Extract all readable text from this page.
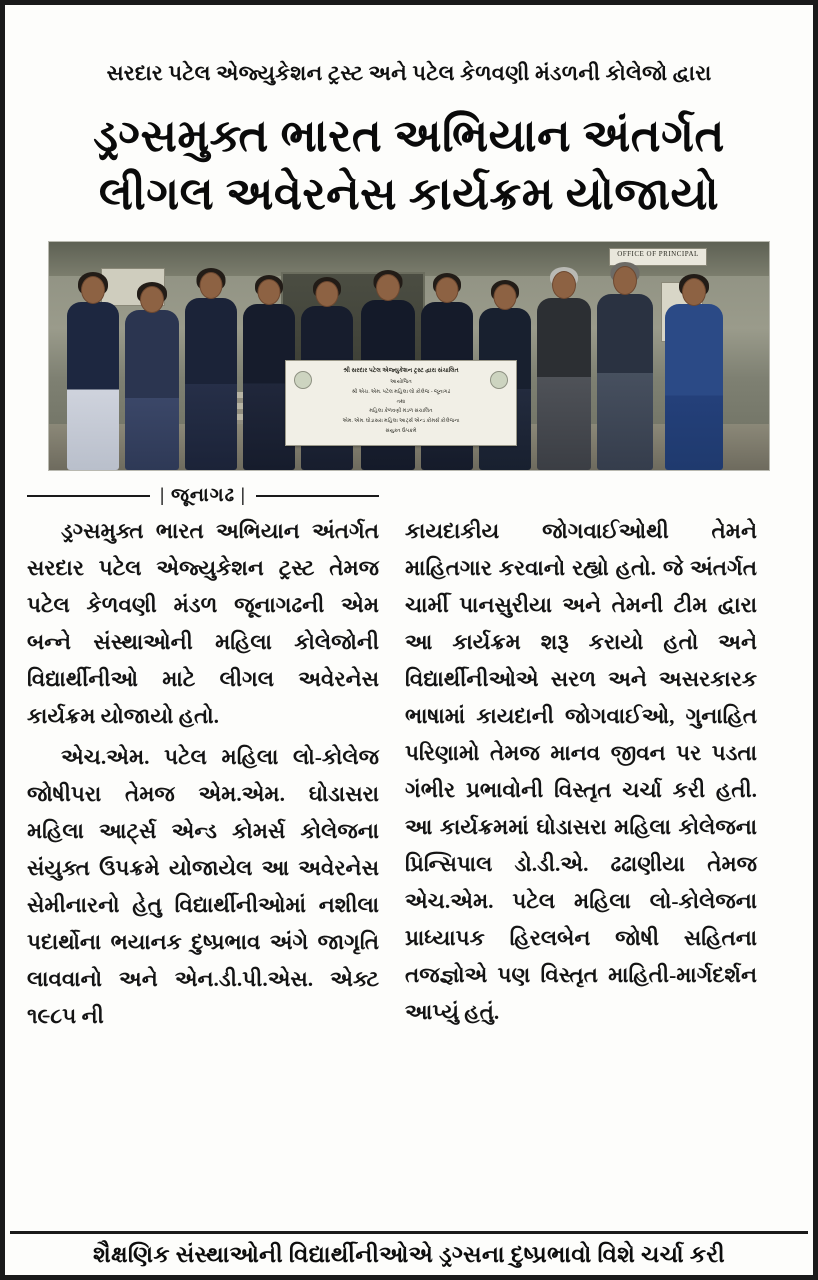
સરદાર પટેલ એજ્યુકેશન ટ્રસ્ટ અને પટેલ કેળવણી મંડળની કોલેજો દ્વારા
ડ્રગ્સમુક્ત ભારત અભિયાન અંતર્ગત
લીગલ અવેરનેસ કાર્યક્રમ યોજાયો
OFFICE OF PRINCIPAL
શ્રી સરદાર પટેલ એજ્યુકેશન ટ્રસ્ટ દ્વારા સંચાલિત
આયોજિત
શ્રી એચ. એમ. પટેલ મહિલા લો કોલેજ - જૂનાગઢ
તથા
મહિલા કેળવણી મંડળ સંચાલિત
એમ. એમ. ઘોડાસરા મહિલા આર્ટ્સ એન્ડ કોમર્સ કોલેજના
સંયુક્ત ઉપક્રમે
| જૂનાગઢ |

ડ્રગ્સમુક્ત ભારત અભિયાન અંતર્ગત સરદાર પટેલ એજ્યુકેશન ટ્રસ્ટ તેમજ પટેલ કેળવણી મંડળ જૂનાગઢની એમ બન્ને સંસ્થાઓની મહિલા કોલેજોની વિદ્યાર્થીનીઓ માટે લીગલ અવેરનેસ કાર્યક્રમ યોજાયો હતો.

એચ.એમ. પટેલ મહિલા લો-કોલેજ જોષીપરા તેમજ એમ.એમ. ઘોડાસરા મહિલા આર્ટ્સ એન્ડ કોમર્સ કોલેજના સંયુક્ત ઉપક્રમે યોજાયેલ આ અવેરનેસ સેમીનારનો હેતુ વિદ્યાર્થીનીઓમાં નશીલા પદાર્થોના ભયાનક દુષ્પ્રભાવ અંગે જાગૃતિ લાવવાનો અને એન.ડી.પી.એસ. એક્ટ ૧૯૮૫ ની

કાયદાકીય જોગવાઈઓથી તેમને માહિતગાર કરવાનો રહ્યો હતો. જે અંતર્ગત ચાર્મી પાનસુરીયા અને તેમની ટીમ દ્વારા આ કાર્યક્રમ શરૂ કરાયો હતો અને વિદ્યાર્થીનીઓએ સરળ અને અસરકારક ભાષામાં કાયદાની જોગવાઈઓ, ગુનાહિત પરિણામો તેમજ માનવ જીવન પર પડતા ગંભીર પ્રભાવોની વિસ્તૃત ચર્ચા કરી હતી. આ કાર્યક્રમમાં ઘોડાસરા મહિલા કોલેજના પ્રિન્સિપાલ ડો.ડી.એ. ઢઢાણીયા તેમજ એચ.એમ. પટેલ મહિલા લો-કોલેજના પ્રાધ્યાપક હિરલબેન જોષી સહિતના તજજ્ઞોએ પણ વિસ્તૃત માહિતી-માર્ગદર્શન આપ્યું હતું.

શૈક્ષણિક સંસ્થાઓની વિદ્યાર્થીનીઓએ ડ્રગ્સના દુષ્પ્રભાવો વિશે ચર્ચા કરી
